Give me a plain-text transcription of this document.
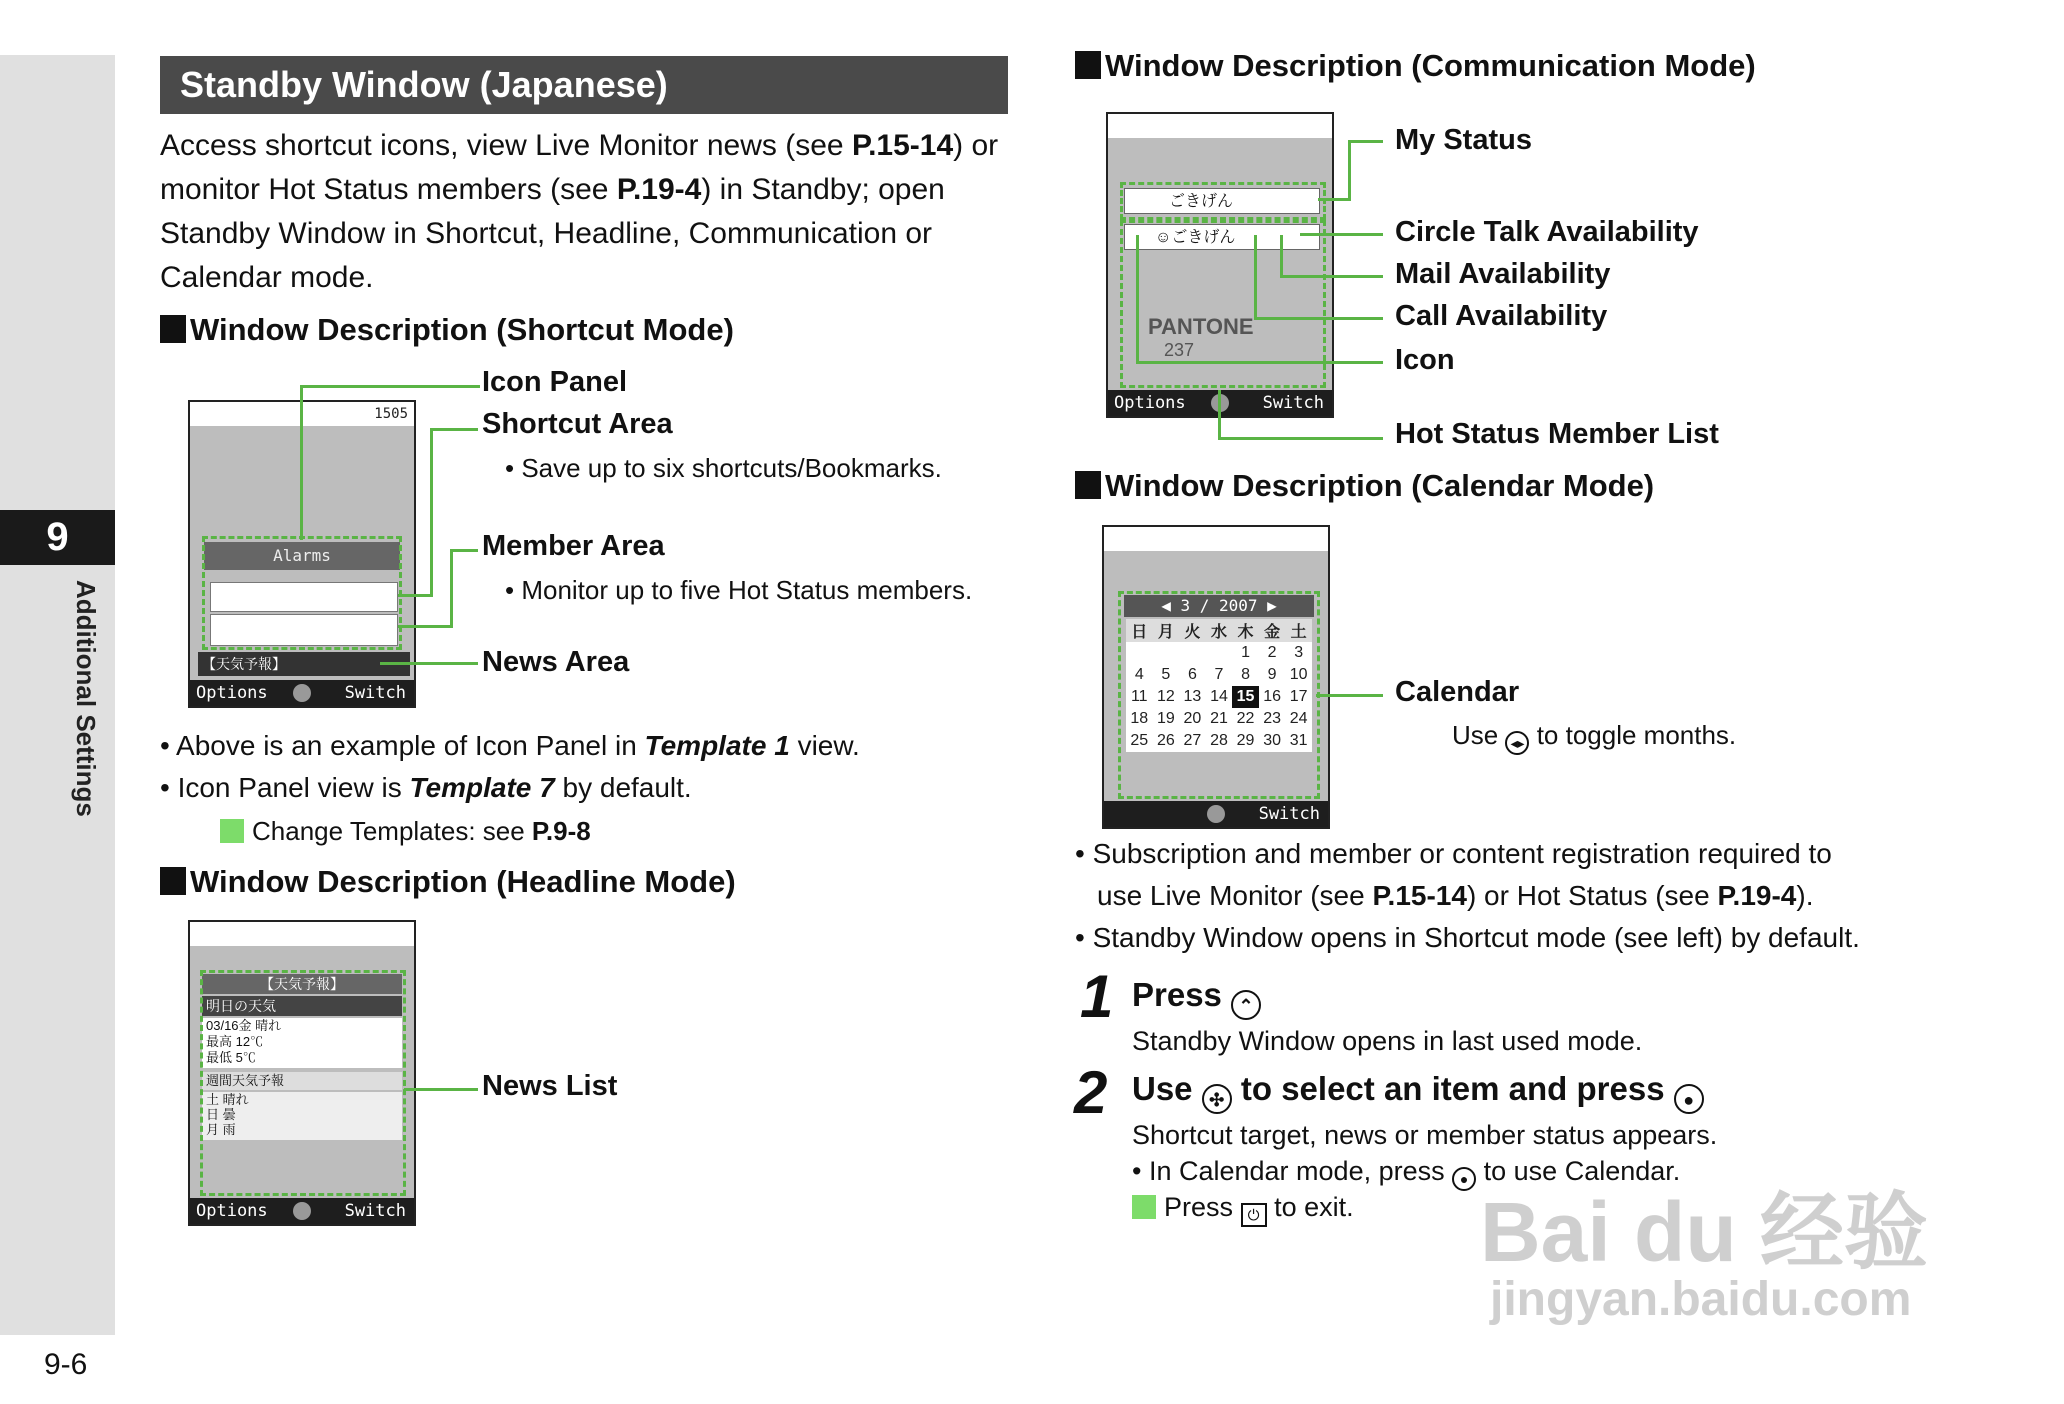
9
Additional Settings
9-6
Standby Window (Japanese)
Access shortcut icons, view Live Monitor news (see P.15-14) or monitor Hot Status members (see P.19-4) in Standby; open Standby Window in Shortcut, Headline, Communication or Calendar mode.
Window Description (Shortcut Mode)
1505
Alarms
【天気予報】
Options	Switch
Icon Panel
Shortcut Area
• Save up to six shortcuts/Bookmarks.
Member Area
• Monitor up to five Hot Status members.
News Area
• Above is an example of Icon Panel in Template 1 view.
• Icon Panel view is Template 7 by default.
Change Templates: see P.9-8
Window Description (Headline Mode)
【天気予報】
明日の天気
03/16金 晴れ
最高 12℃
最低 5℃
週間天気予報
土 晴れ
日 曇
月 雨
Options	Switch
News List
Window Description (Communication Mode)
PANTONE
237
ごきげん
☺ごきげん
Options	Switch
My Status
Circle Talk Availability
Mail Availability
Call Availability
Icon
Hot Status Member List
Window Description (Calendar Mode)
◀ 3 / 2007 ▶
日	月	火	水	木	金	土
				1	2	3
4	5	6	7	8	9	10
11	12	13	14	15	16	17
18	19	20	21	22	23	24
25	26	27	28	29	30	31
Switch
Calendar
Use ◂▸ to toggle months.
• Subscription and member or content registration required to
use Live Monitor (see P.15-14) or Hot Status (see P.19-4).
• Standby Window opens in Shortcut mode (see left) by default.
1 Press ⌃
Standby Window opens in last used mode.
2 Use ✣ to select an item and press ●
Shortcut target, news or member status appears.
• In Calendar mode, press ● to use Calendar.
Press ⏻ to exit. Bai du 经验
jingyan.baidu.com
